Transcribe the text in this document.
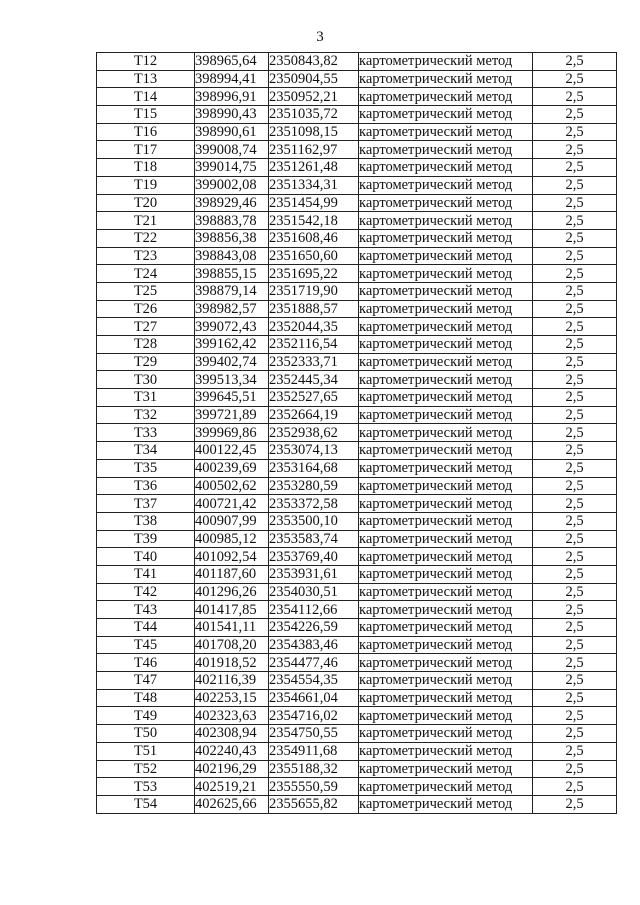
3
Т12	398965,64	2350843,82	картометрический метод	2,5
Т13	398994,41	2350904,55	картометрический метод	2,5
Т14	398996,91	2350952,21	картометрический метод	2,5
Т15	398990,43	2351035,72	картометрический метод	2,5
Т16	398990,61	2351098,15	картометрический метод	2,5
Т17	399008,74	2351162,97	картометрический метод	2,5
Т18	399014,75	2351261,48	картометрический метод	2,5
Т19	399002,08	2351334,31	картометрический метод	2,5
Т20	398929,46	2351454,99	картометрический метод	2,5
Т21	398883,78	2351542,18	картометрический метод	2,5
Т22	398856,38	2351608,46	картометрический метод	2,5
Т23	398843,08	2351650,60	картометрический метод	2,5
Т24	398855,15	2351695,22	картометрический метод	2,5
Т25	398879,14	2351719,90	картометрический метод	2,5
Т26	398982,57	2351888,57	картометрический метод	2,5
Т27	399072,43	2352044,35	картометрический метод	2,5
Т28	399162,42	2352116,54	картометрический метод	2,5
Т29	399402,74	2352333,71	картометрический метод	2,5
Т30	399513,34	2352445,34	картометрический метод	2,5
Т31	399645,51	2352527,65	картометрический метод	2,5
Т32	399721,89	2352664,19	картометрический метод	2,5
Т33	399969,86	2352938,62	картометрический метод	2,5
Т34	400122,45	2353074,13	картометрический метод	2,5
Т35	400239,69	2353164,68	картометрический метод	2,5
Т36	400502,62	2353280,59	картометрический метод	2,5
Т37	400721,42	2353372,58	картометрический метод	2,5
Т38	400907,99	2353500,10	картометрический метод	2,5
Т39	400985,12	2353583,74	картометрический метод	2,5
Т40	401092,54	2353769,40	картометрический метод	2,5
Т41	401187,60	2353931,61	картометрический метод	2,5
Т42	401296,26	2354030,51	картометрический метод	2,5
Т43	401417,85	2354112,66	картометрический метод	2,5
Т44	401541,11	2354226,59	картометрический метод	2,5
Т45	401708,20	2354383,46	картометрический метод	2,5
Т46	401918,52	2354477,46	картометрический метод	2,5
Т47	402116,39	2354554,35	картометрический метод	2,5
Т48	402253,15	2354661,04	картометрический метод	2,5
Т49	402323,63	2354716,02	картометрический метод	2,5
Т50	402308,94	2354750,55	картометрический метод	2,5
Т51	402240,43	2354911,68	картометрический метод	2,5
Т52	402196,29	2355188,32	картометрический метод	2,5
Т53	402519,21	2355550,59	картометрический метод	2,5
Т54	402625,66	2355655,82	картометрический метод	2,5
